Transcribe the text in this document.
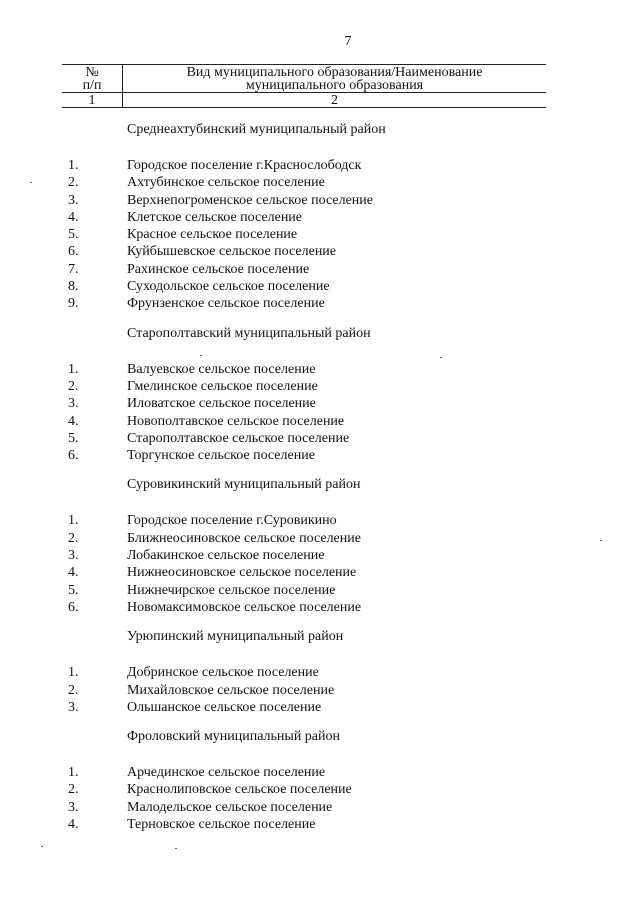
7
№
п/п	Вид муниципального образования/Наименование
муниципального образования

1	2
Среднеахтубинский муниципальный район
1.	Городское поселение г.Краснослободск
2.	Ахтубинское сельское поселение
3.	Верхнепогроменское сельское поселение
4.	Клетское сельское поселение
5.	Красное сельское поселение
6.	Куйбышевское сельское поселение
7.	Рахинское сельское поселение
8.	Суходольское сельское поселение
9.	Фрунзенское сельское поселение
Старополтавский муниципальный район
1.	Валуевское сельское поселение
2.	Гмелинское сельское поселение
3.	Иловатское сельское поселение
4.	Новополтавское сельское поселение
5.	Старополтавское сельское поселение
6.	Торгунское сельское поселение
Суровикинский муниципальный район
1.	Городское поселение г.Суровикино
2.	Ближнеосиновское сельское поселение
3.	Лобакинское сельское поселение
4.	Нижнеосиновское сельское поселение
5.	Нижнечирское сельское поселение
6.	Новомаксимовское сельское поселение
Урюпинский муниципальный район
1.	Добринское сельское поселение
2.	Михайловское сельское поселение
3.	Ольшанское сельское поселение
Фроловский муниципальный район
1.	Арчединское сельское поселение
2.	Краснолиповское сельское поселение
3.	Малодельское сельское поселение
4.	Терновское сельское поселение
